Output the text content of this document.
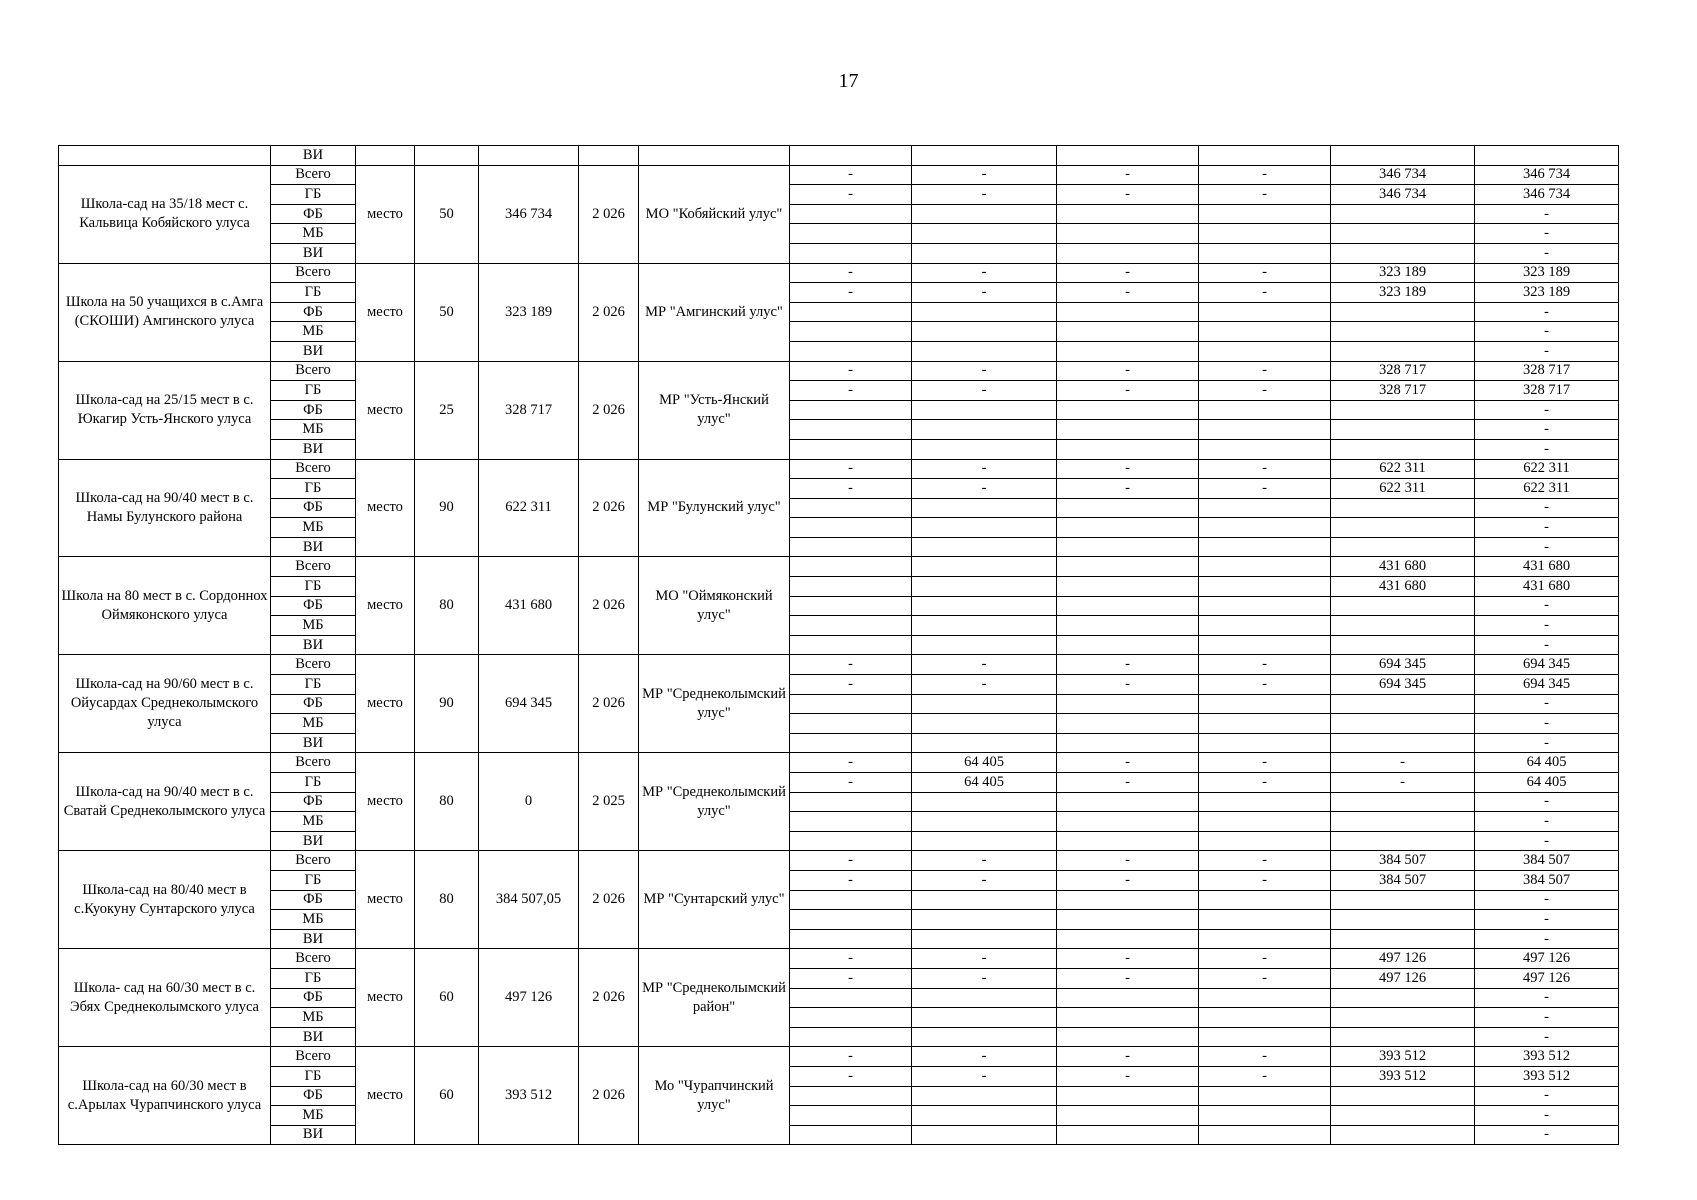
17
	ВИ											
Школа-сад на 35/18 мест с. Кальвица Кобяйского улуса	Всего	место	50	346 734	2 026	МО "Кобяйский улус"	-	-	-	-	346 734	346 734
	ГБ						-	-	-	-	346 734	346 734
	ФБ											-
	МБ											-
	ВИ											-
Школа на 50 учащихся в с.Амга (СКОШИ) Амгинского улуса	Всего	место	50	323 189	2 026	МР "Амгинский улус"	-	-	-	-	323 189	323 189
	ГБ						-	-	-	-	323 189	323 189
	ФБ											-
	МБ											-
	ВИ											-
Школа-сад на 25/15 мест в с. Юкагир Усть-Янского улуса	Всего	место	25	328 717	2 026	МР "Усть-Янский улус"	-	-	-	-	328 717	328 717
	ГБ						-	-	-	-	328 717	328 717
	ФБ											-
	МБ											-
	ВИ											-
Школа-сад на 90/40 мест в с. Намы Булунского района	Всего	место	90	622 311	2 026	МР "Булунский улус"	-	-	-	-	622 311	622 311
	ГБ						-	-	-	-	622 311	622 311
	ФБ											-
	МБ											-
	ВИ											-
Школа на 80 мест в с. Сордоннох Оймяконского улуса	Всего	место	80	431 680	2 026	МО "Оймяконский улус"					431 680	431 680
	ГБ										431 680	431 680
	ФБ											-
	МБ											-
	ВИ											-
Школа-сад на 90/60 мест в с. Ойусардах Среднеколымского улуса	Всего	место	90	694 345	2 026	МР "Среднеколымский улус"	-	-	-	-	694 345	694 345
	ГБ						-	-	-	-	694 345	694 345
	ФБ											-
	МБ											-
	ВИ											-
Школа-сад на 90/40 мест в с. Сватай Среднеколымского улуса	Всего	место	80	0	2 025	МР "Среднеколымский улус"	-	64 405	-	-	-	64 405
	ГБ						-	64 405	-	-	-	64 405
	ФБ											-
	МБ											-
	ВИ											-
Школа-сад на 80/40 мест в с.Куокуну Сунтарского улуса	Всего	место	80	384 507,05	2 026	МР "Сунтарский улус"	-	-	-	-	384 507	384 507
	ГБ						-	-	-	-	384 507	384 507
	ФБ											-
	МБ											-
	ВИ											-
Школа- сад на 60/30 мест в с. Эбях Среднеколымского улуса	Всего	место	60	497 126	2 026	МР "Среднеколымский район"	-	-	-	-	497 126	497 126
	ГБ						-	-	-	-	497 126	497 126
	ФБ											-
	МБ											-
	ВИ											-
Школа-сад на 60/30 мест в с.Арылах Чурапчинского улуса	Всего	место	60	393 512	2 026	Мо "Чурапчинский улус"	-	-	-	-	393 512	393 512
	ГБ						-	-	-	-	393 512	393 512
	ФБ											-
	МБ											-
	ВИ											-
